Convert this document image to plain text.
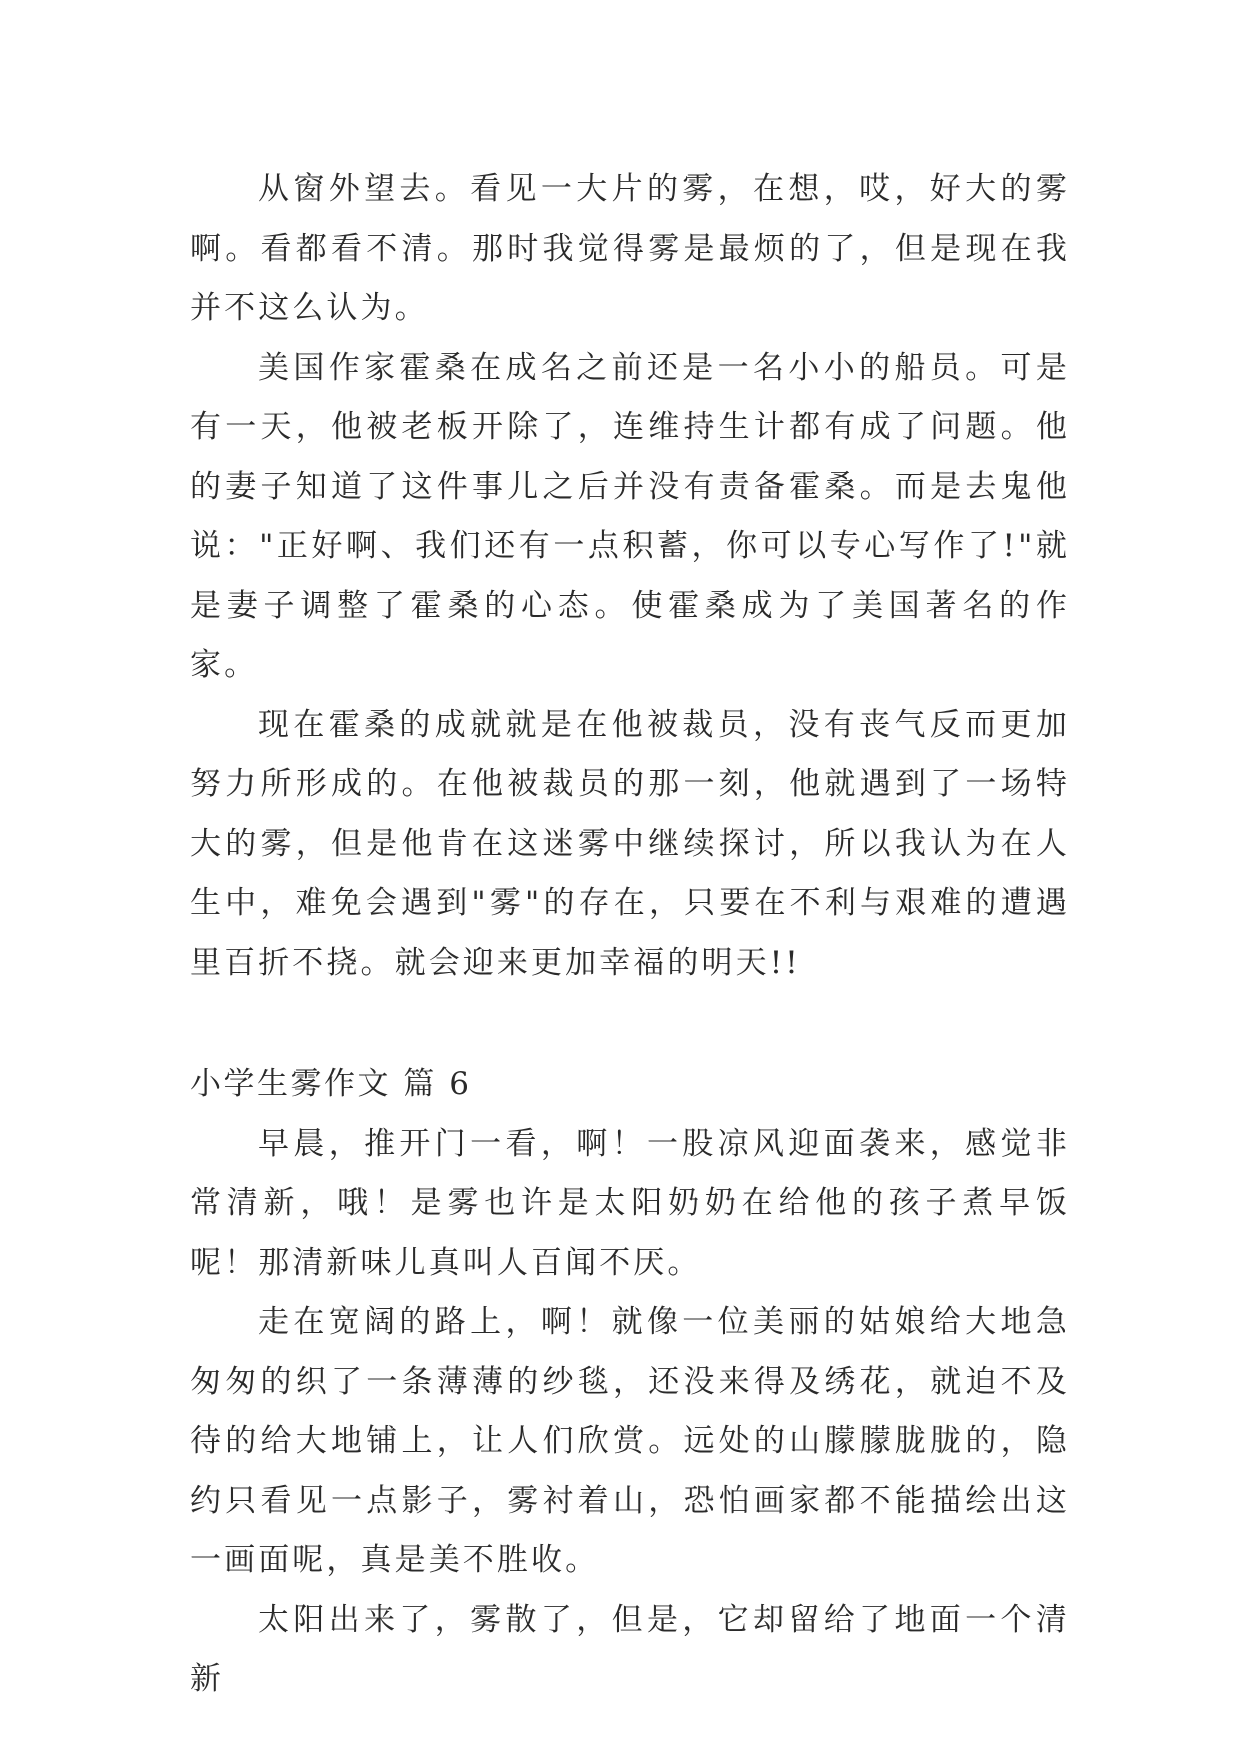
从窗外望去。看见一大片的雾，在想，哎，好大的雾啊。看都看不清。那时我觉得雾是最烦的了，但是现在我并不这么认为。

美国作家霍桑在成名之前还是一名小小的船员。可是有一天，他被老板开除了，连维持生计都有成了问题。他的妻子知道了这件事儿之后并没有责备霍桑。而是去鬼他说："正好啊、我们还有一点积蓄，你可以专心写作了!"就是妻子调整了霍桑的心态。使霍桑成为了美国著名的作家。

现在霍桑的成就就是在他被裁员，没有丧气反而更加努力所形成的。在他被裁员的那一刻，他就遇到了一场特大的雾，但是他肯在这迷雾中继续探讨，所以我认为在人生中，难免会遇到"雾"的存在，只要在不利与艰难的遭遇里百折不挠。就会迎来更加幸福的明天!!

小学生雾作文 篇 6

早晨，推开门一看，啊！一股凉风迎面袭来，感觉非常清新，哦！是雾也许是太阳奶奶在给他的孩子煮早饭呢！那清新味儿真叫人百闻不厌。

走在宽阔的路上，啊！就像一位美丽的姑娘给大地急匆匆的织了一条薄薄的纱毯，还没来得及绣花，就迫不及待的给大地铺上，让人们欣赏。远处的山朦朦胧胧的，隐约只看见一点影子，雾衬着山，恐怕画家都不能描绘出这一画面呢，真是美不胜收。

太阳出来了，雾散了，但是，它却留给了地面一个清新
